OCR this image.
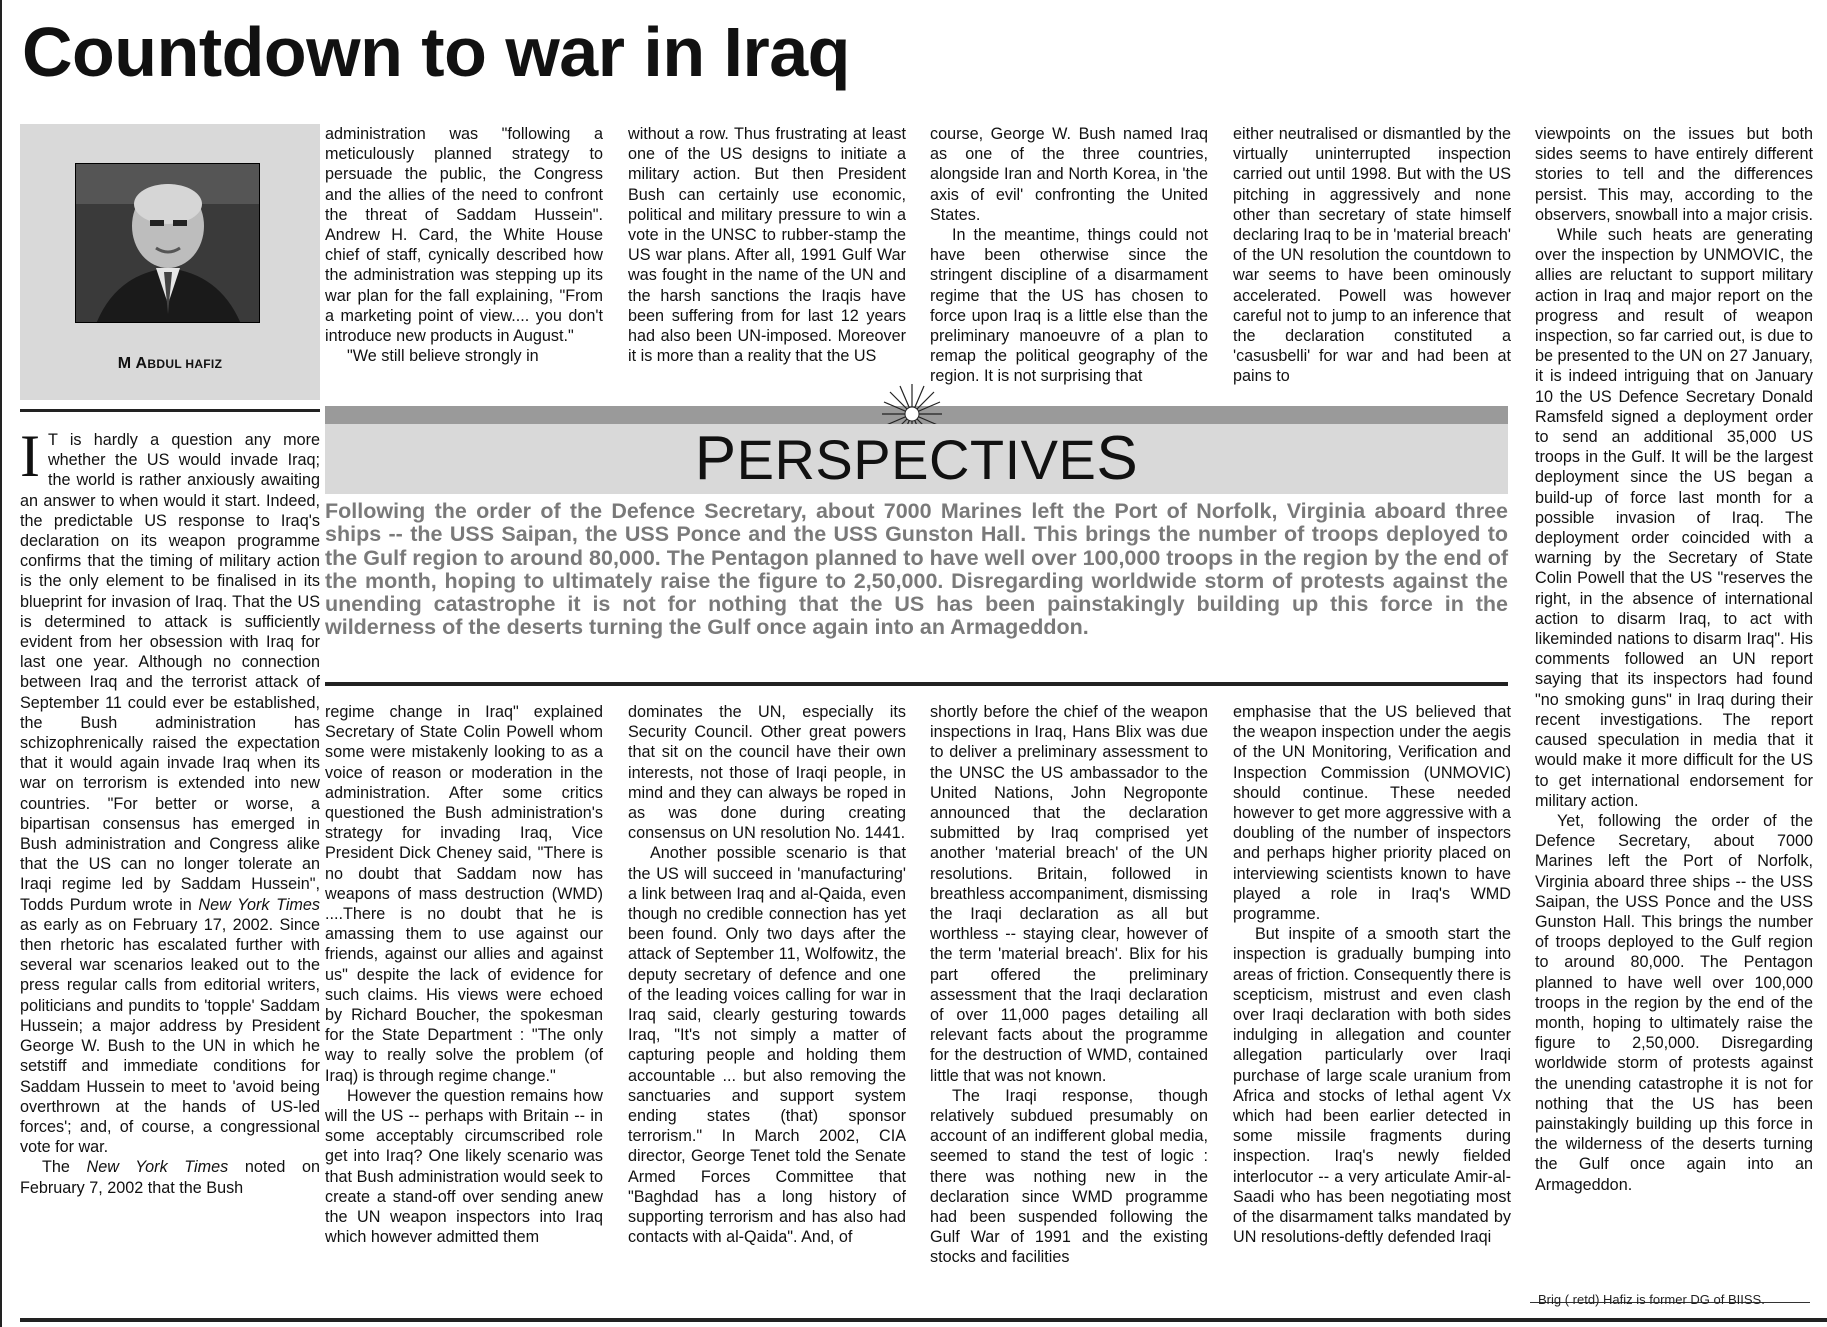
Countdown to war in Iraq
M ABDUL HAFIZ

I T is hardly a question any more whether the US would invade Iraq; the world is rather anxiously awaiting an answer to when would it start. Indeed, the predictable US response to Iraq's declaration on its weapon programme confirms that the timing of military action is the only element to be finalised in its blueprint for invasion of Iraq. That the US is determined to attack is sufficiently evident from her obsession with Iraq for last one year. Although no connection between Iraq and the terrorist attack of September 11 could ever be established, the Bush administration has schizophrenically raised the expectation that it would again invade Iraq when its war on terrorism is extended into new countries. "For better or worse, a bipartisan consensus has emerged in Bush administration and Congress alike that the US can no longer tolerate an Iraqi regime led by Saddam Hussein", Todds Purdum wrote in New York Times as early as on February 17, 2002. Since then rhetoric has escalated further with several war scenarios leaked out to the press regular calls from editorial writers, politicians and pundits to 'topple' Saddam Hussein; a major address by President George W. Bush to the UN in which he setstiff and immediate conditions for Saddam Hussein to meet to 'avoid being overthrown at the hands of US-led forces'; and, of course, a congressional vote for war.

The New York Times noted on February 7, 2002 that the Bush

administration was "following a meticulously planned strategy to persuade the public, the Congress and the allies of the need to confront the threat of Saddam Hussein". Andrew H. Card, the White House chief of staff, cynically described how the administration was stepping up its war plan for the fall explaining, "From a marketing point of view.... you don't introduce new products in August."

"We still believe strongly in

without a row. Thus frustrating at least one of the US designs to initiate a military action. But then President Bush can certainly use economic, political and military pressure to win a vote in the UNSC to rubber-stamp the US war plans. After all, 1991 Gulf War was fought in the name of the UN and the harsh sanctions the Iraqis have been suffering from for last 12 years had also been UN-imposed. Moreover it is more than a reality that the US

course, George W. Bush named Iraq as one of the three countries, alongside Iran and North Korea, in 'the axis of evil' confronting the United States.

In the meantime, things could not have been otherwise since the stringent discipline of a disarmament regime that the US has chosen to force upon Iraq is a little else than the preliminary manoeuvre of a plan to remap the political geography of the region. It is not surprising that

either neutralised or dismantled by the virtually uninterrupted inspection carried out until 1998. But with the US pitching in aggressively and none other than secretary of state himself declaring Iraq to be in 'material breach' of the UN resolution the countdown to war seems to have been ominously accelerated. Powell was however careful not to jump to an inference that the declaration constituted a 'casusbelli' for war and had been at pains to

PERSPECTIVES
Following the order of the Defence Secretary, about 7000 Marines left the Port of Norfolk, Virginia aboard three ships -- the USS Saipan, the USS Ponce and the USS Gunston Hall. This brings the number of troops deployed to the Gulf region to around 80,000. The Pentagon planned to have well over 100,000 troops in the region by the end of the month, hoping to ultimately raise the figure to 2,50,000. Disregarding worldwide storm of protests against the unending catastrophe it is not for nothing that the US has been painstakingly building up this force in the wilderness of the deserts turning the Gulf once again into an Armageddon.

regime change in Iraq" explained Secretary of State Colin Powell whom some were mistakenly looking to as a voice of reason or moderation in the administration. After some critics questioned the Bush administration's strategy for invading Iraq, Vice President Dick Cheney said, "There is no doubt that Saddam now has weapons of mass destruction (WMD) ....There is no doubt that he is amassing them to use against our friends, against our allies and against us" despite the lack of evidence for such claims. His views were echoed by Richard Boucher, the spokesman for the State Department : "The only way to really solve the problem (of Iraq) is through regime change."

However the question remains how will the US -- perhaps with Britain -- in some acceptably circumscribed role get into Iraq? One likely scenario was that Bush administration would seek to create a stand-off over sending anew the UN weapon inspectors into Iraq which however admitted them

dominates the UN, especially its Security Council. Other great powers that sit on the council have their own interests, not those of Iraqi people, in mind and they can always be roped in as was done during creating consensus on UN resolution No. 1441.

Another possible scenario is that the US will succeed in 'manufacturing' a link between Iraq and al-Qaida, even though no credible connection has yet been found. Only two days after the attack of September 11, Wolfowitz, the deputy secretary of defence and one of the leading voices calling for war in Iraq said, clearly gesturing towards Iraq, "It's not simply a matter of capturing people and holding them accountable ... but also removing the sanctuaries and support system ending states (that) sponsor terrorism." In March 2002, CIA director, George Tenet told the Senate Armed Forces Committee that "Baghdad has a long history of supporting terrorism and has also had contacts with al-Qaida". And, of

shortly before the chief of the weapon inspections in Iraq, Hans Blix was due to deliver a preliminary assessment to the UNSC the US ambassador to the United Nations, John Negroponte announced that the declaration submitted by Iraq comprised yet another 'material breach' of the UN resolutions. Britain, followed in breathless accompaniment, dismissing the Iraqi declaration as all but worthless -- staying clear, however of the term 'material breach'. Blix for his part offered the preliminary assessment that the Iraqi declaration of over 11,000 pages detailing all relevant facts about the programme for the destruction of WMD, contained little that was not known.

The Iraqi response, though relatively subdued presumably on account of an indifferent global media, seemed to stand the test of logic : there was nothing new in the declaration since WMD programme had been suspended following the Gulf War of 1991 and the existing stocks and facilities

emphasise that the US believed that the weapon inspection under the aegis of the UN Monitoring, Verification and Inspection Commission (UNMOVIC) should continue. These needed however to get more aggressive with a doubling of the number of inspectors and perhaps higher priority placed on interviewing scientists known to have played a role in Iraq's WMD programme.

But inspite of a smooth start the inspection is gradually bumping into areas of friction. Consequently there is scepticism, mistrust and even clash over Iraqi declaration with both sides indulging in allegation and counter allegation particularly over Iraqi purchase of large scale uranium from Africa and stocks of lethal agent Vx which had been earlier detected in some missile fragments during inspection. Iraq's newly fielded interlocutor -- a very articulate Amir-al-Saadi who has been negotiating most of the disarmament talks mandated by UN resolutions-deftly defended Iraqi

viewpoints on the issues but both sides seems to have entirely different stories to tell and the differences persist. This may, according to the observers, snowball into a major crisis.

While such heats are generating over the inspection by UNMOVIC, the allies are reluctant to support military action in Iraq and major report on the progress and result of weapon inspection, so far carried out, is due to be presented to the UN on 27 January, it is indeed intriguing that on January 10 the US Defence Secretary Donald Ramsfeld signed a deployment order to send an additional 35,000 US troops in the Gulf. It will be the largest deployment since the US began a build-up of force last month for a possible invasion of Iraq. The deployment order coincided with a warning by the Secretary of State Colin Powell that the US "reserves the right, in the absence of international action to disarm Iraq, to act with likeminded nations to disarm Iraq". His comments followed an UN report saying that its inspectors had found "no smoking guns" in Iraq during their recent investigations. The report caused speculation in media that it would make it more difficult for the US to get international endorsement for military action.

Yet, following the order of the Defence Secretary, about 7000 Marines left the Port of Norfolk, Virginia aboard three ships -- the USS Saipan, the USS Ponce and the USS Gunston Hall. This brings the number of troops deployed to the Gulf region to around 80,000. The Pentagon planned to have well over 100,000 troops in the region by the end of the month, hoping to ultimately raise the figure to 2,50,000. Disregarding worldwide storm of protests against the unending catastrophe it is not for nothing that the US has been painstakingly building up this force in the wilderness of the deserts turning the Gulf once again into an Armageddon.

Brig ( retd) Hafiz is former DG of BIISS.
